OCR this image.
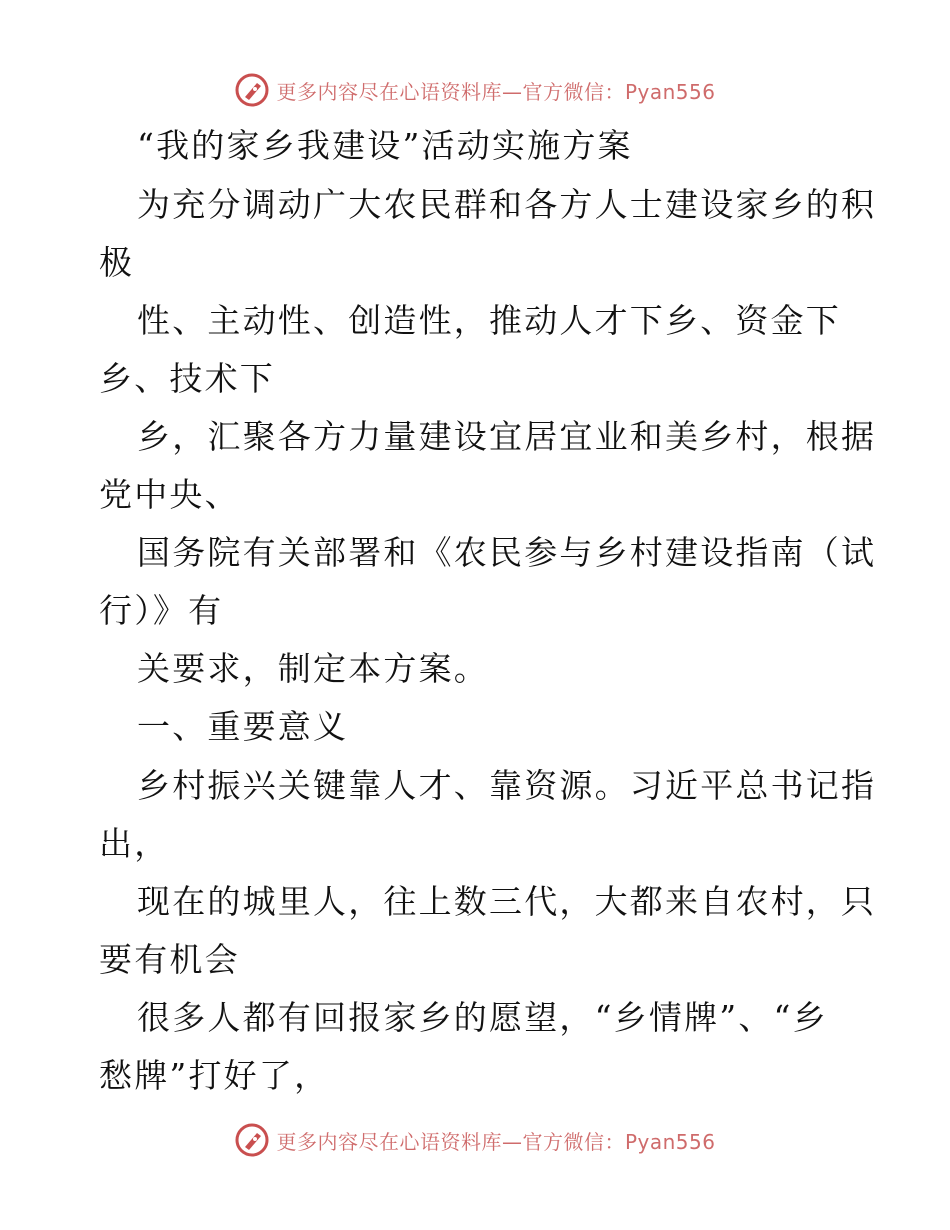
更多内容尽在心语资料库—官方微信：Pyan556
“我的家乡我建设”活动实施方案
为充分调动广大农民群和各方人士建设家乡的积
极
性、主动性、创造性，推动人才下乡、资金下
乡、技术下
乡，汇聚各方力量建设宜居宜业和美乡村，根据
党中央、
国务院有关部署和《农民参与乡村建设指南（试
行）》有
关要求，制定本方案。
一、重要意义
乡村振兴关键靠人才、靠资源。习近平总书记指
出，
现在的城里人，往上数三代，大都来自农村，只
要有机会
很多人都有回报家乡的愿望，“乡情牌”、“乡
愁牌”打好了，
更多内容尽在心语资料库—官方微信：Pyan556
